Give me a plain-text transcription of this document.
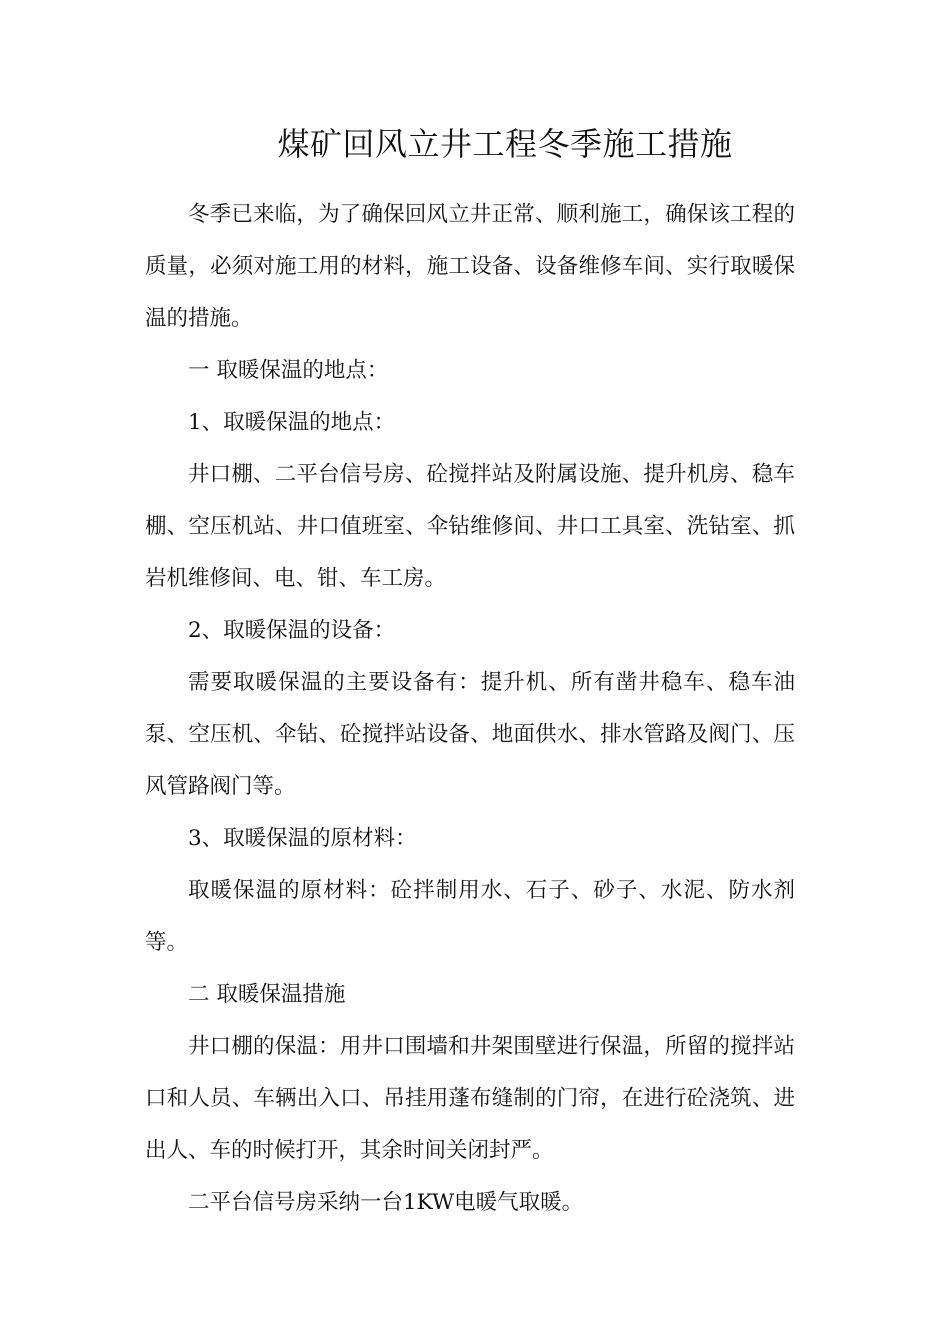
煤矿回风立井工程冬季施工措施

冬季已来临，为了确保回风立井正常、顺利施工，确保该工程的质量，必须对施工用的材料，施工设备、设备维修车间、实行取暖保温的措施。

一 取暖保温的地点：

1、取暖保温的地点：

井口棚、二平台信号房、砼搅拌站及附属设施、提升机房、稳车棚、空压机站、井口值班室、伞钻维修间、井口工具室、洗钻室、抓岩机维修间、电、钳、车工房。

2、取暖保温的设备：

需要取暖保温的主要设备有：提升机、所有凿井稳车、稳车油泵、空压机、伞钻、砼搅拌站设备、地面供水、排水管路及阀门、压风管路阀门等。

3、取暖保温的原材料：

取暖保温的原材料：砼拌制用水、石子、砂子、水泥、防水剂等。

二 取暖保温措施

井口棚的保温：用井口围墙和井架围壁进行保温，所留的搅拌站口和人员、车辆出入口、吊挂用蓬布缝制的门帘，在进行砼浇筑、进出人、车的时候打开，其余时间关闭封严。

二平台信号房采纳一台1KW电暖气取暖。
